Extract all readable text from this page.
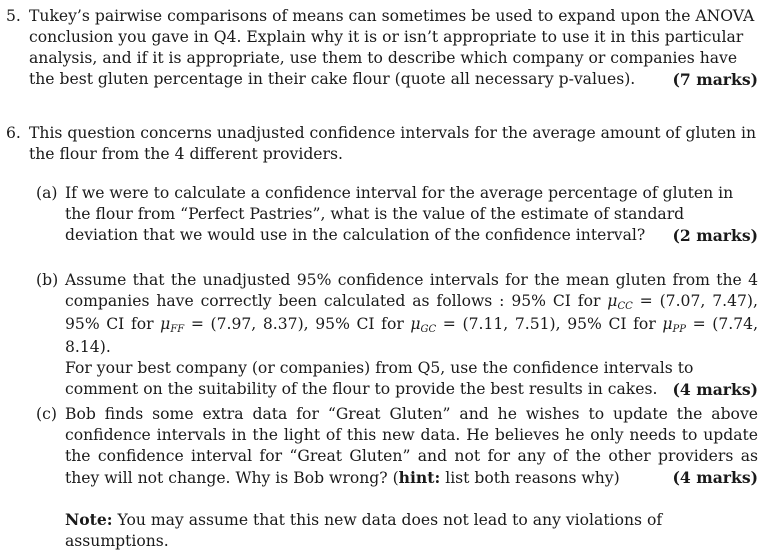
5. Tukey’s pairwise comparisons of means can sometimes be used to expand upon the ANOVA conclusion you gave in Q4. Explain why it is or isn’t appropriate to use it in this particular analysis, and if it is appropriate, use them to describe which company or companies have the best gluten percentage in their cake flour (quote all necessary p-values). (7 marks)
6. This question concerns unadjusted confidence intervals for the average amount of gluten in the flour from the 4 different providers.
(a) If we were to calculate a confidence interval for the average percentage of gluten in the flour from “Perfect Pastries”, what is the value of the estimate of standard deviation that we would use in the calculation of the confidence interval? (2 marks)
(b) Assume that the unadjusted 95% confidence intervals for the mean gluten from the 4 companies have correctly been calculated as follows : 95% CI for μCC = (7.07, 7.47), 95% CI for μFF = (7.97, 8.37), 95% CI for μGC = (7.11, 7.51), 95% CI for μPP = (7.74, 8.14).
For your best company (or companies) from Q5, use the confidence intervals to comment on the suitability of the flour to provide the best results in cakes. (4 marks)
(c) Bob finds some extra data for “Great Gluten” and he wishes to update the above confidence intervals in the light of this new data. He believes he only needs to update the confidence interval for “Great Gluten” and not for any of the other providers as they will not change. Why is Bob wrong? (hint: list both reasons why)	(4 marks)
Note: You may assume that this new data does not lead to any violations of assumptions.
